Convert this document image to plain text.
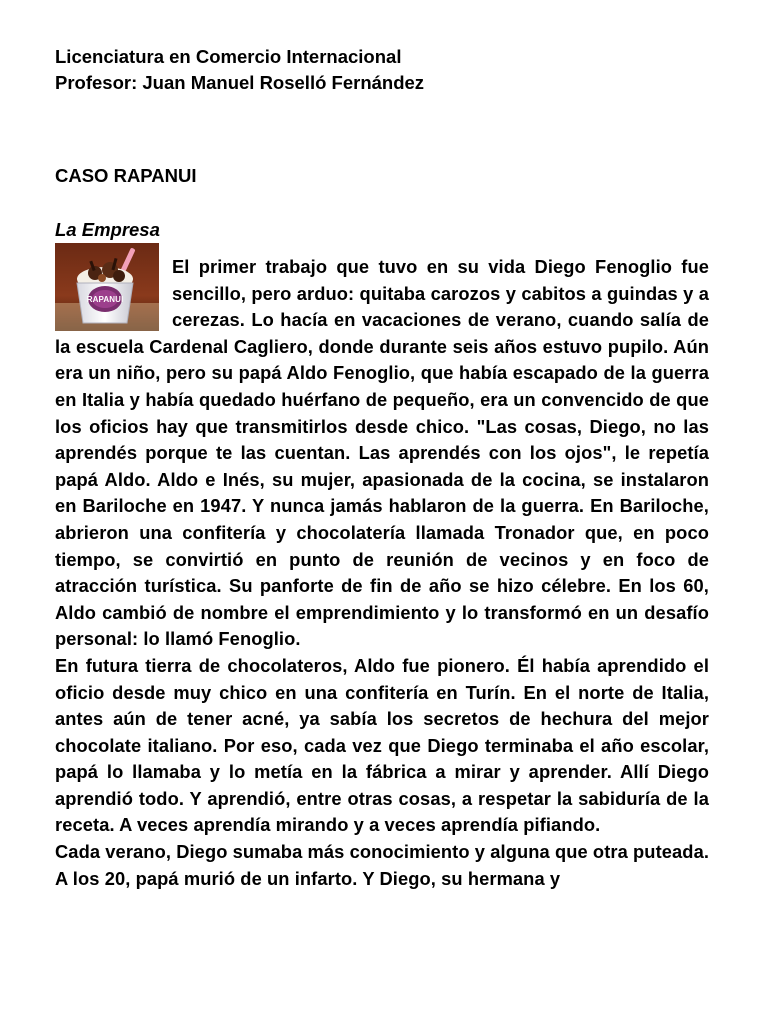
Licenciatura en Comercio Internacional
Profesor: Juan Manuel Roselló Fernández
CASO RAPANUI
La Empresa
RAPANUI

El primer trabajo que tuvo en su vida Diego Fenoglio fue sencillo, pero arduo: quitaba carozos y cabitos a guindas y a cerezas. Lo hacía en vacaciones de verano, cuando salía de la escuela Cardenal Cagliero, donde durante seis años estuvo pupilo. Aún era un niño, pero su papá Aldo Fenoglio, que había escapado de la guerra en Italia y había quedado huérfano de pequeño, era un convencido de que los oficios hay que transmitirlos desde chico. "Las cosas, Diego, no las aprendés porque te las cuentan. Las aprendés con los ojos", le repetía papá Aldo. Aldo e Inés, su mujer, apasionada de la cocina, se instalaron en Bariloche en 1947. Y nunca jamás hablaron de la guerra. En Bariloche, abrieron una confitería y chocolatería llamada Tronador que, en poco tiempo, se convirtió en punto de reunión de vecinos y en foco de atracción turística. Su panforte de fin de año se hizo célebre. En los 60, Aldo cambió de nombre el emprendimiento y lo transformó en un desafío personal: lo llamó Fenoglio.

En futura tierra de chocolateros, Aldo fue pionero. Él había aprendido el oficio desde muy chico en una confitería en Turín. En el norte de Italia, antes aún de tener acné, ya sabía los secretos de hechura del mejor chocolate italiano. Por eso, cada vez que Diego terminaba el año escolar, papá lo llamaba y lo metía en la fábrica a mirar y aprender. Allí Diego aprendió todo. Y aprendió, entre otras cosas, a respetar la sabiduría de la receta. A veces aprendía mirando y a veces aprendía pifiando.

Cada verano, Diego sumaba más conocimiento y alguna que otra puteada. A los 20, papá murió de un infarto. Y Diego, su hermana y
